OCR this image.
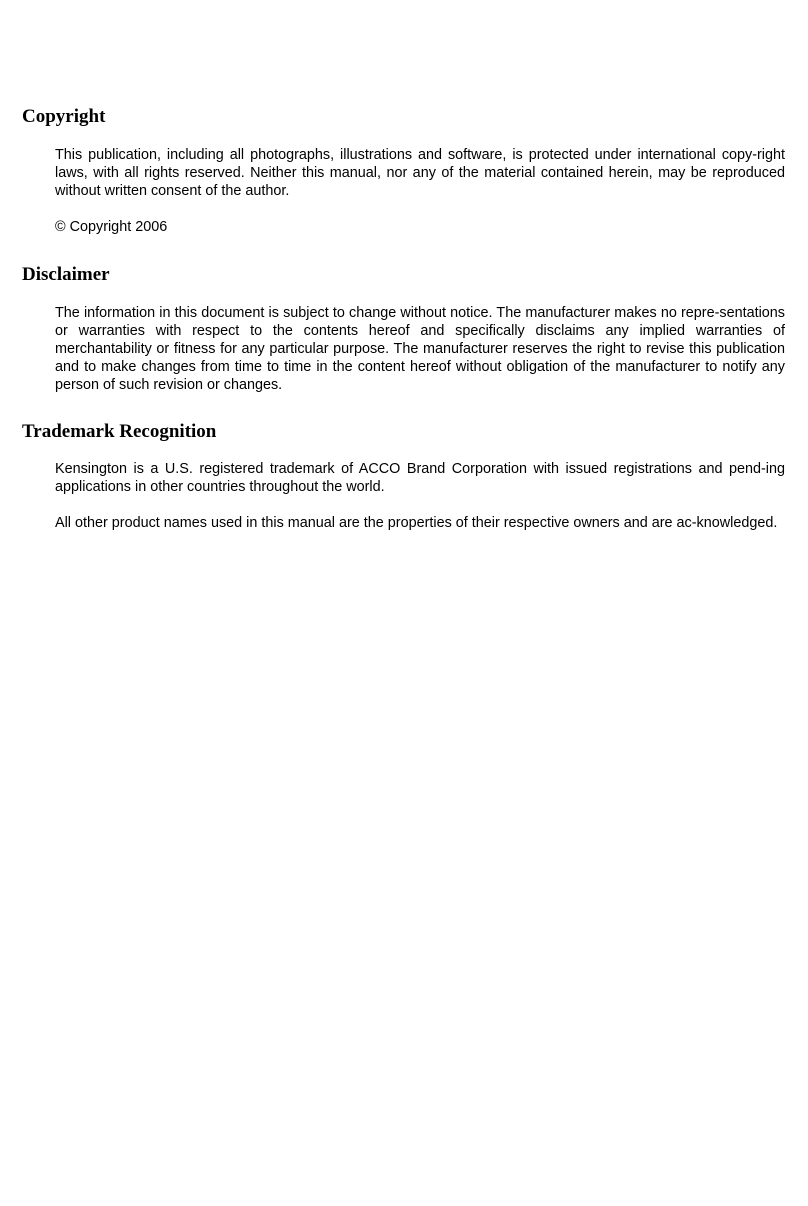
Copyright

This publication, including all photographs, illustrations and software, is protected under international copy-right laws, with all rights reserved. Neither this manual, nor any of the material contained herein, may be reproduced without written consent of the author.

© Copyright 2006

Disclaimer

The information in this document is subject to change without notice. The manufacturer makes no repre-sentations or warranties with respect to the contents hereof and specifically disclaims any implied warranties of merchantability or fitness for any particular purpose. The manufacturer reserves the right to revise this publication and to make changes from time to time in the content hereof without obligation of the manufacturer to notify any person of such revision or changes.

Trademark Recognition

Kensington is a U.S. registered trademark of ACCO Brand Corporation with issued registrations and pend-ing applications in other countries throughout the world.

All other product names used in this manual are the properties of their respective owners and are ac-knowledged.
